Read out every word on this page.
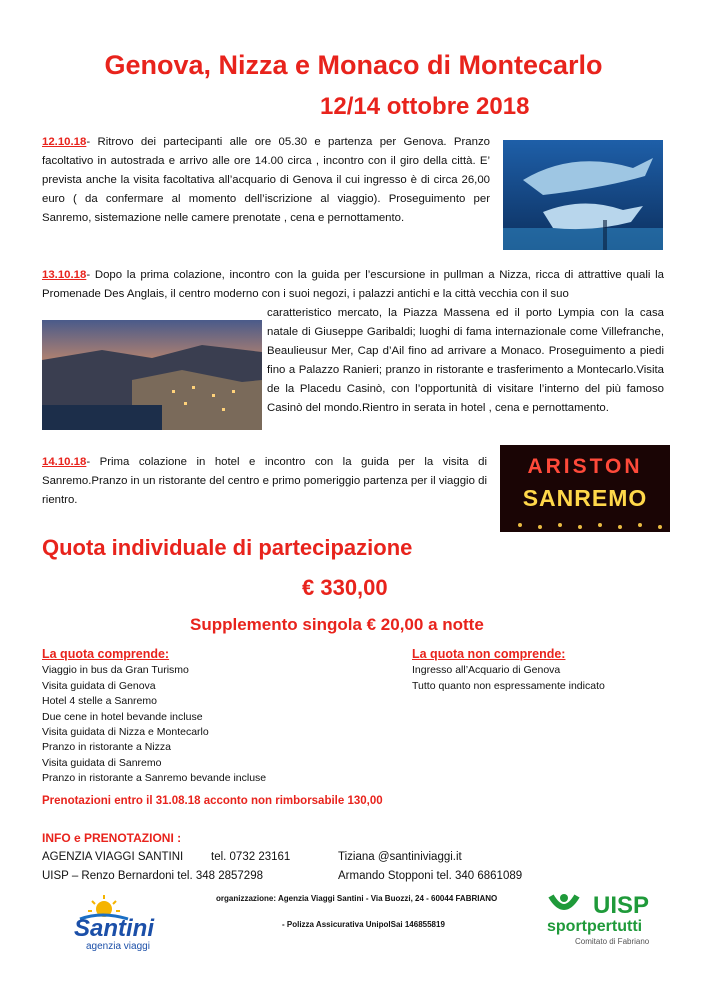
Genova, Nizza e Monaco di Montecarlo
12/14 ottobre 2018
12.10.18- Ritrovo dei partecipanti alle ore 05.30 e partenza per Genova. Pranzo facoltativo in autostrada e arrivo alle ore 14.00 circa , incontro con il giro della città. E’ prevista anche la visita facoltativa all’acquario di Genova il cui ingresso è di circa 26,00 euro ( da confermare al momento dell’iscrizione al viaggio). Proseguimento per Sanremo, sistemazione nelle camere prenotate , cena e pernottamento.
13.10.18- Dopo la prima colazione, incontro con la guida per l’escursione in pullman a Nizza, ricca di attrattive quali la Promenade Des Anglais, il centro moderno con i suoi negozi, i palazzi antichi e la città vecchia con il suo
caratteristico mercato, la Piazza Massena ed il porto Lympia con la casa natale di Giuseppe Garibaldi; luoghi di fama internazionale come Villefranche, Beaulieusur Mer, Cap d’Ail fino ad arrivare a Monaco. Proseguimento a piedi fino a Palazzo Ranieri; pranzo in ristorante e trasferimento a Montecarlo.Visita de la Placedu Casinò, con l’opportunità di visitare l’interno del più famoso Casinò del mondo.Rientro in serata in hotel , cena e pernottamento.
14.10.18- Prima colazione in hotel e incontro con la guida per la visita di Sanremo.Pranzo in un ristorante del centro e primo pomeriggio partenza per il viaggio di rientro.
ARISTON
SANREMO
Quota individuale di partecipazione
€ 330,00
Supplemento singola € 20,00 a notte
La quota comprende:
Viaggio in bus da Gran Turismo
Visita guidata di Genova
Hotel 4 stelle a Sanremo
Due cene in hotel bevande incluse
Visita guidata di Nizza e Montecarlo
Pranzo in ristorante a Nizza
Visita guidata di Sanremo
Pranzo in ristorante a Sanremo bevande incluse
La quota non comprende:
Ingresso all’Acquario di Genova
Tutto quanto non espressamente indicato
Prenotazioni entro il 31.08.18 acconto non rimborsabile 130,00
INFO e PRENOTAZIONI :
AGENZIA VIAGGI SANTINI tel. 0732 23161	Tiziana @santiniviaggi.it
UISP – Renzo Bernardoni tel. 348 2857298	Armando Stopponi tel. 340 6861089
organizzazione: Agenzia Viaggi Santini - Via Buozzi, 24 - 60044 FABRIANO
- Polizza Assicurativa UnipolSai 146855819
Santini
agenzia viaggi
UISP
sportpertutti
Comitato di Fabriano
